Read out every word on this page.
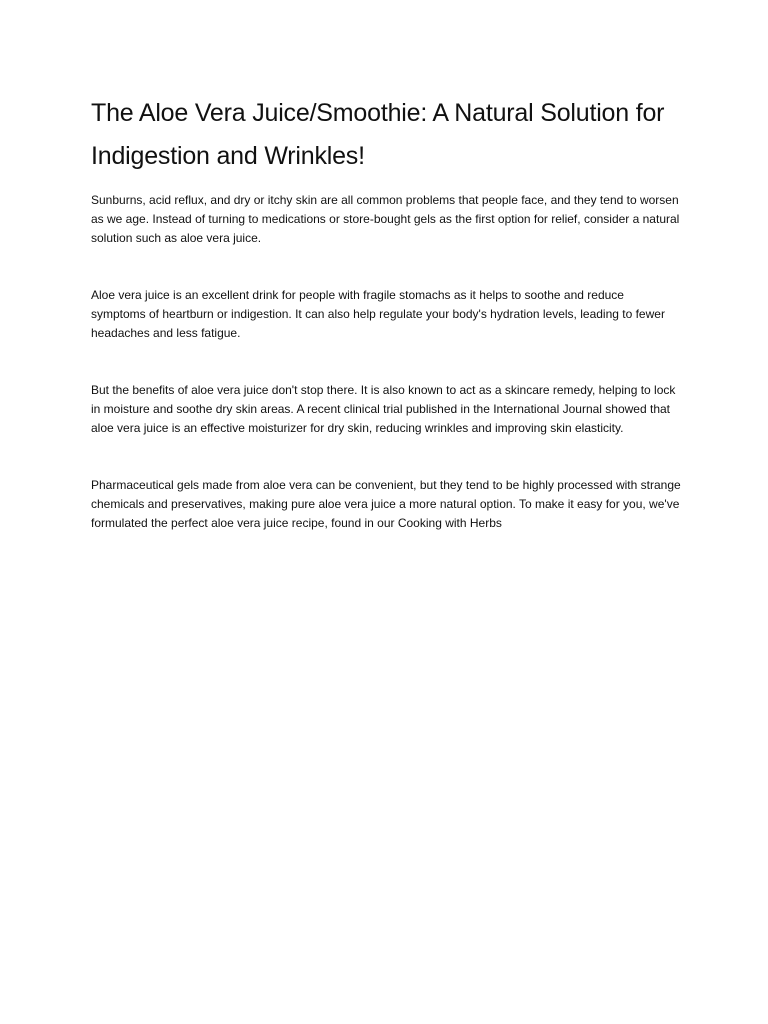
The Aloe Vera Juice/Smoothie: A Natural Solution for Indigestion and Wrinkles!

Sunburns, acid reflux, and dry or itchy skin are all common problems that people face, and they tend to worsen as we age. Instead of turning to medications or store-bought gels as the first option for relief, consider a natural solution such as aloe vera juice.

Aloe vera juice is an excellent drink for people with fragile stomachs as it helps to soothe and reduce symptoms of heartburn or indigestion. It can also help regulate your body's hydration levels, leading to fewer headaches and less fatigue.

But the benefits of aloe vera juice don't stop there. It is also known to act as a skincare remedy, helping to lock in moisture and soothe dry skin areas. A recent clinical trial published in the International Journal showed that aloe vera juice is an effective moisturizer for dry skin, reducing wrinkles and improving skin elasticity.

Pharmaceutical gels made from aloe vera can be convenient, but they tend to be highly processed with strange chemicals and preservatives, making pure aloe vera juice a more natural option. To make it easy for you, we've formulated the perfect aloe vera juice recipe, found in our Cooking with Herbs
